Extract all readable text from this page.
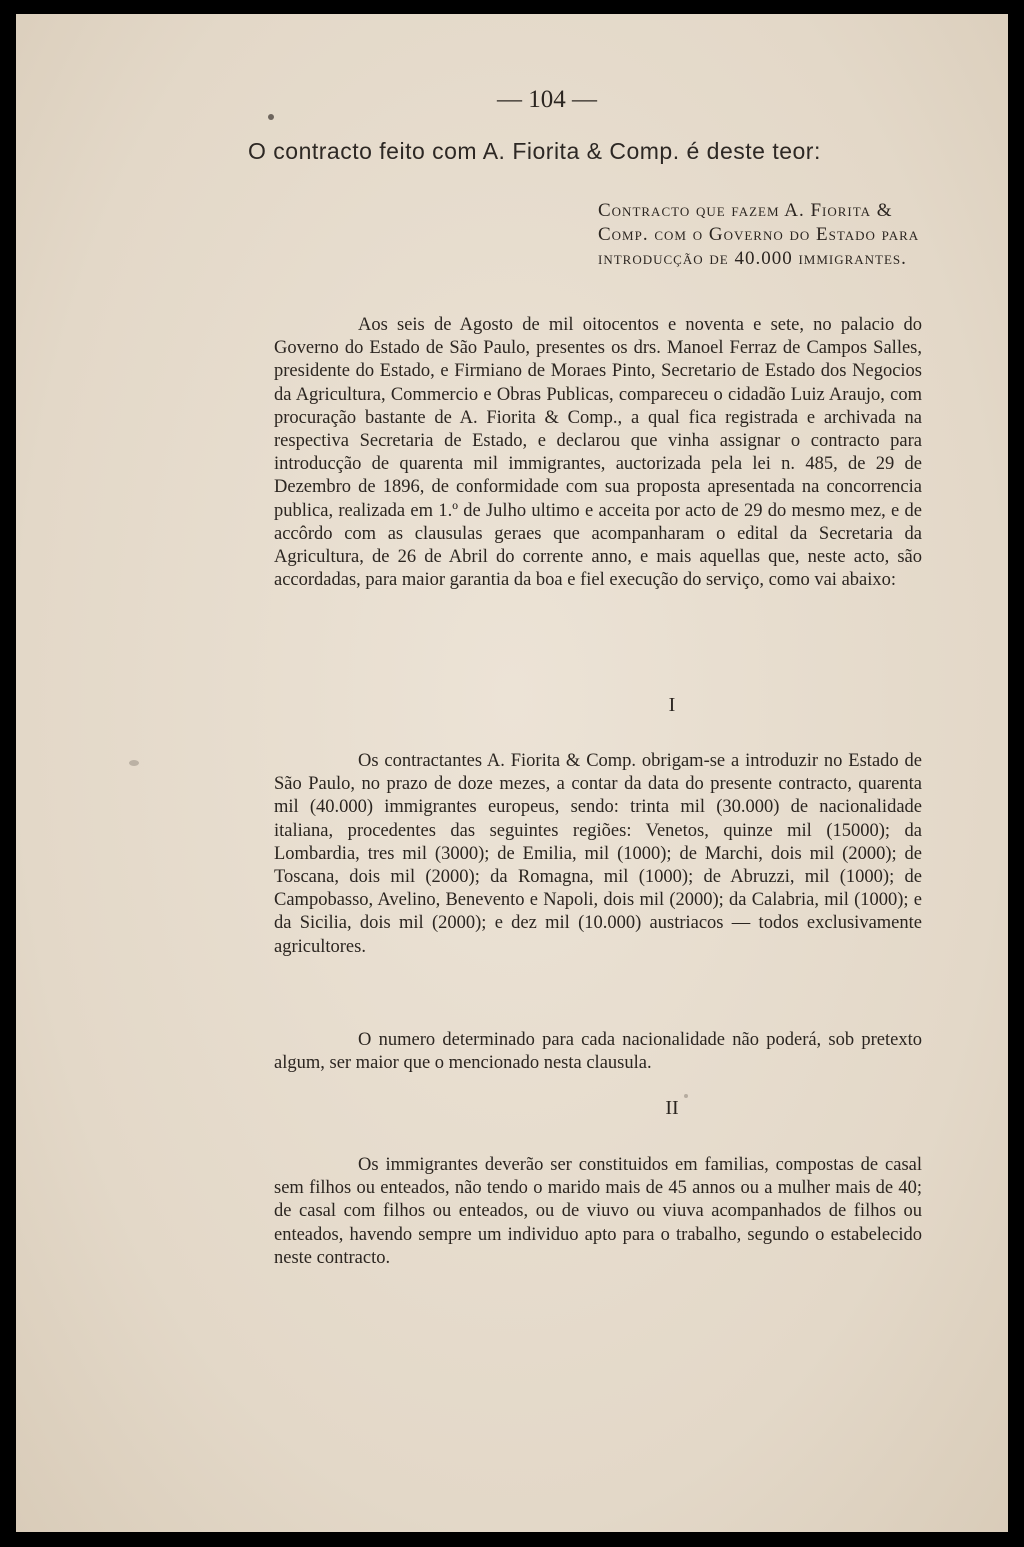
— 104 —
O contracto feito com A. Fiorita & Comp. é deste teor:
Contracto que fazem A. Fiorita & Comp. com o Governo do Estado para introducção de 40.000 immigrantes.

Aos seis de Agosto de mil oitocentos e noventa e sete, no palacio do Governo do Estado de São Paulo, presentes os drs. Manoel Ferraz de Campos Salles, presidente do Estado, e Firmiano de Moraes Pinto, Secretario de Estado dos Negocios da Agricultura, Commercio e Obras Publicas, compareceu o cidadão Luiz Araujo, com procuração bastante de A. Fiorita & Comp., a qual fica registrada e archivada na respectiva Secretaria de Estado, e declarou que vinha assignar o contracto para introducção de quarenta mil immigrantes, auctorizada pela lei n. 485, de 29 de Dezembro de 1896, de conformidade com sua proposta apresentada na concorrencia publica, realizada em 1.º de Julho ultimo e acceita por acto de 29 do mesmo mez, e de accôrdo com as clausulas geraes que acompanharam o edital da Secretaria da Agricultura, de 26 de Abril do corrente anno, e mais aquellas que, neste acto, são accordadas, para maior garantia da boa e fiel execução do serviço, como vai abaixo:

I

Os contractantes A. Fiorita & Comp. obrigam-se a introduzir no Estado de São Paulo, no prazo de doze mezes, a contar da data do presente contracto, quarenta mil (40.000) immigrantes europeus, sendo: trinta mil (30.000) de nacionalidade italiana, procedentes das seguintes regiões: Venetos, quinze mil (15000); da Lombardia, tres mil (3000); de Emilia, mil (1000); de Marchi, dois mil (2000); de Toscana, dois mil (2000); da Romagna, mil (1000); de Abruzzi, mil (1000); de Campobasso, Avelino, Benevento e Napoli, dois mil (2000); da Calabria, mil (1000); e da Sicilia, dois mil (2000); e dez mil (10.000) austriacos — todos exclusivamente agricultores.

O numero determinado para cada nacionalidade não poderá, sob pretexto algum, ser maior que o mencionado nesta clausula.

II

Os immigrantes deverão ser constituidos em familias, compostas de casal sem filhos ou enteados, não tendo o marido mais de 45 annos ou a mulher mais de 40; de casal com filhos ou enteados, ou de viuvo ou viuva acompanhados de filhos ou enteados, havendo sempre um individuo apto para o trabalho, segundo o estabelecido neste contracto.
